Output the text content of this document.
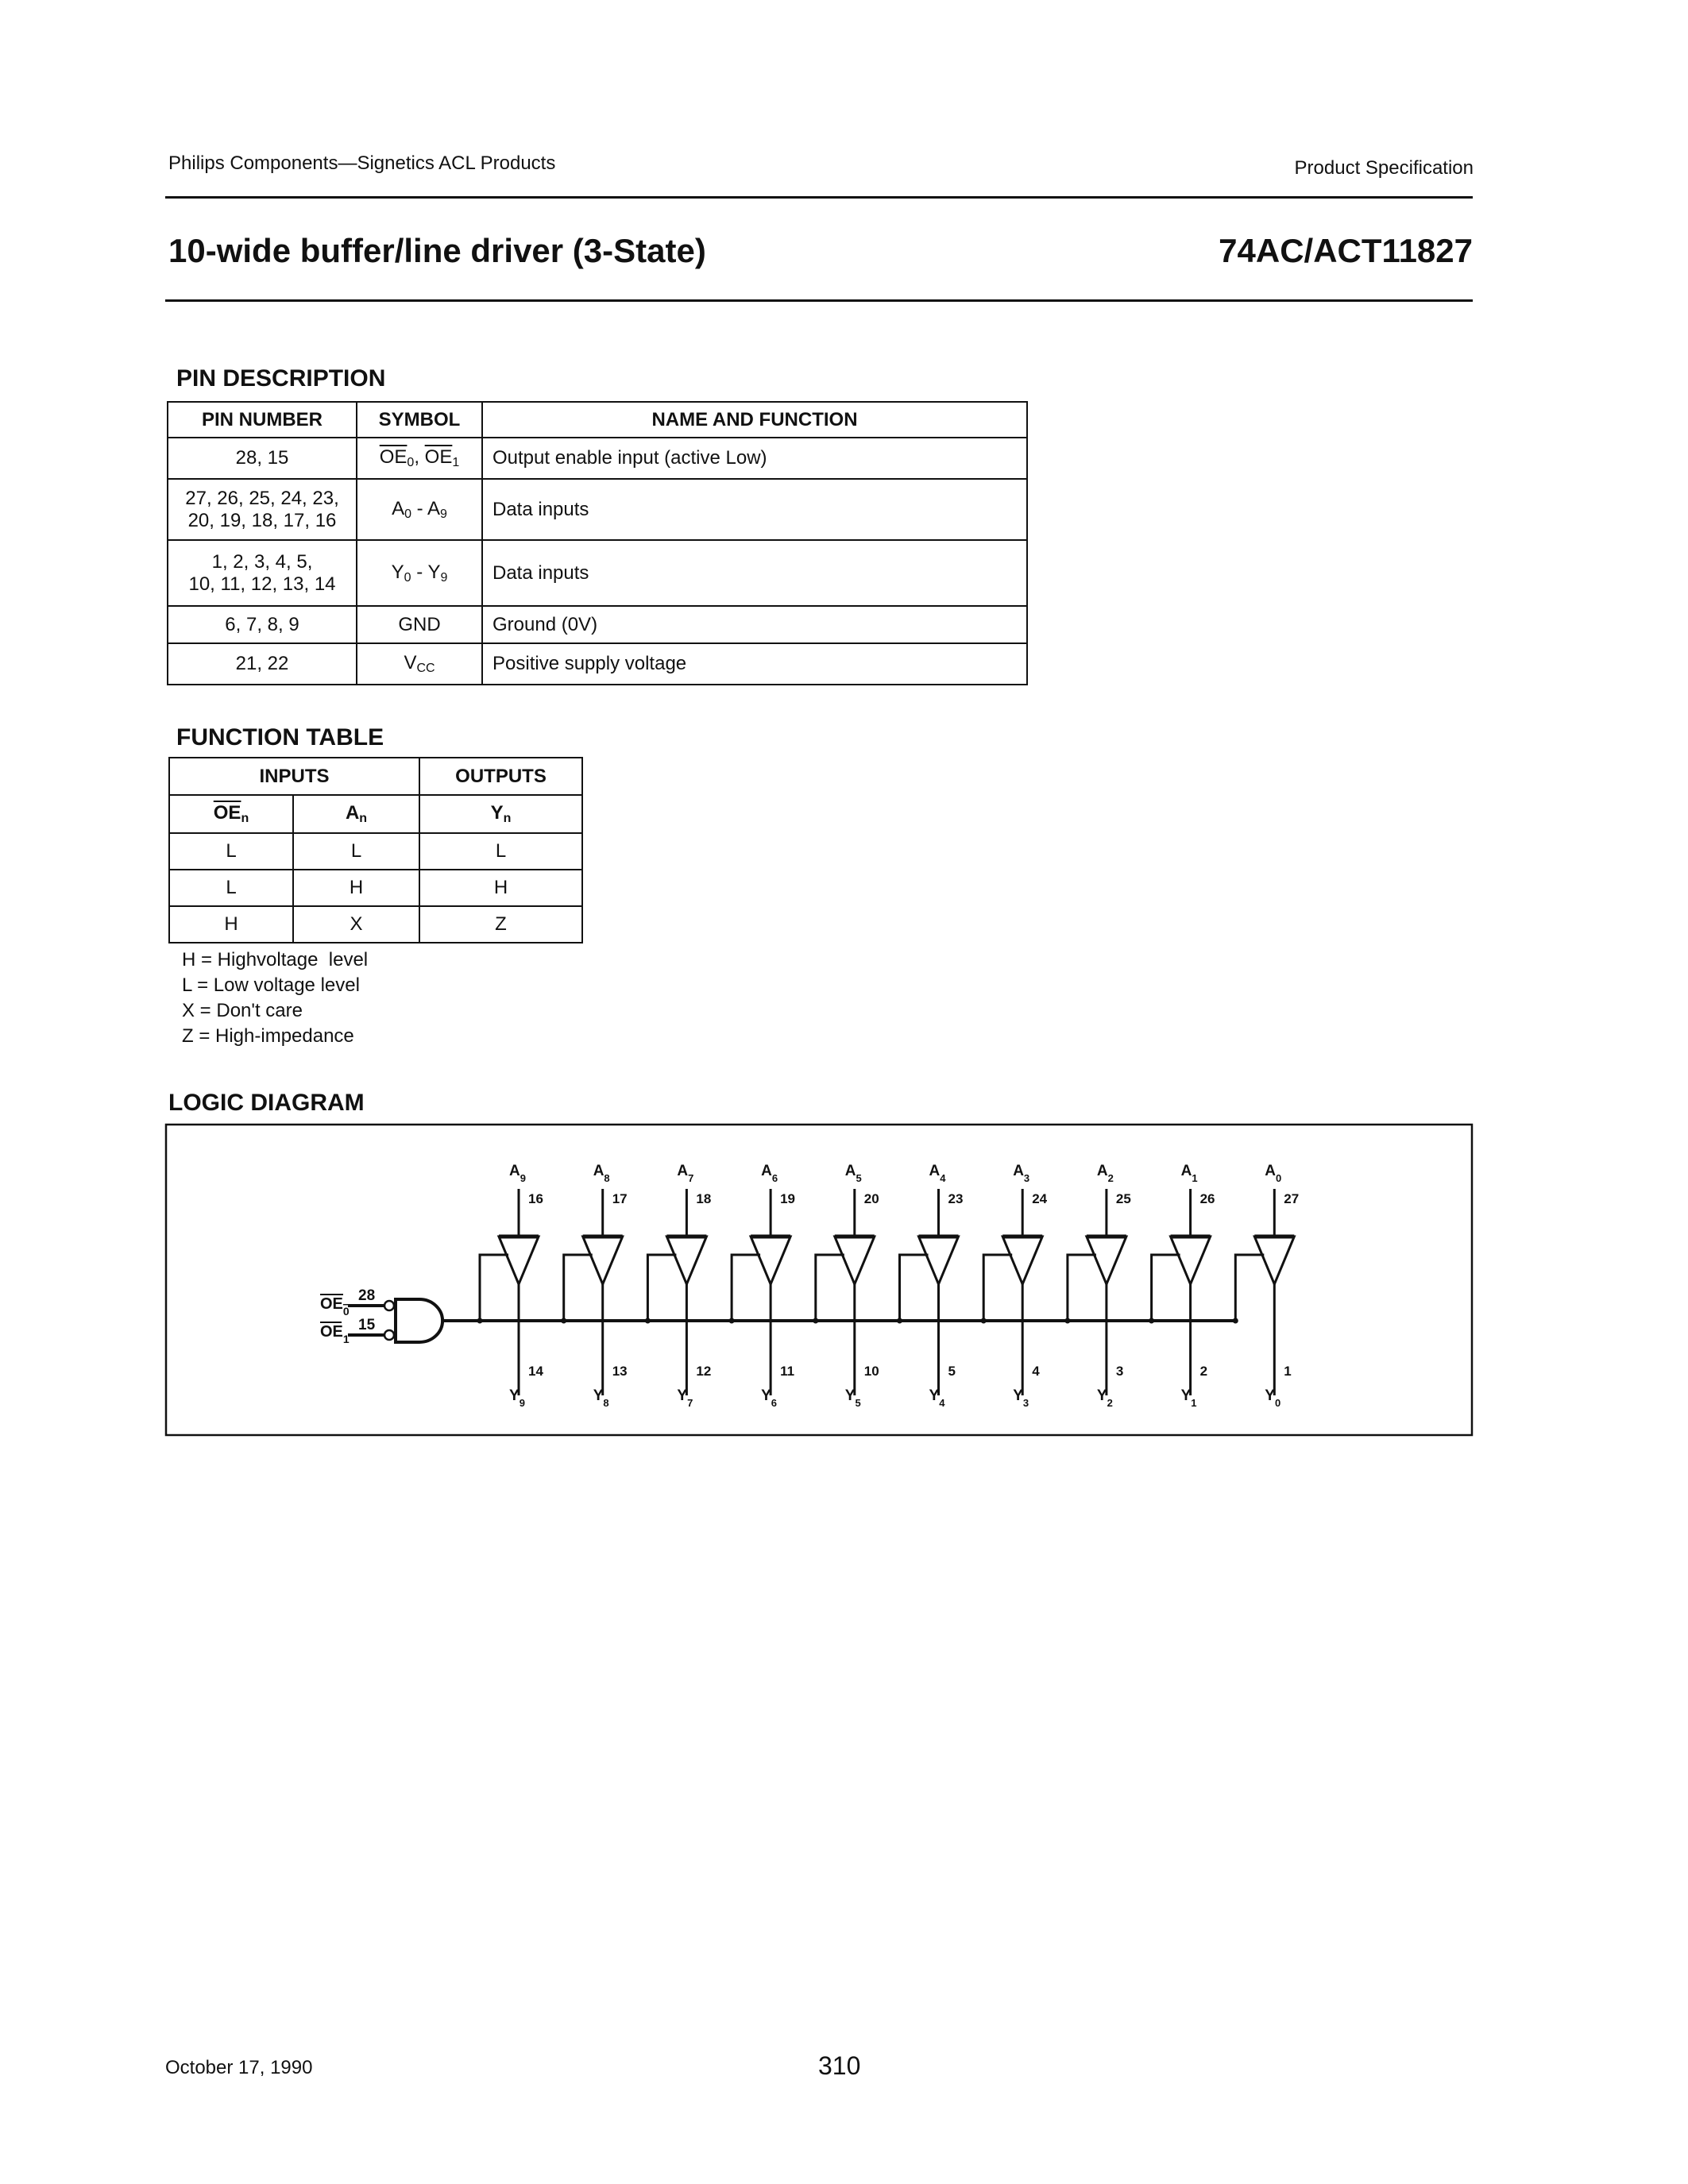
Philips Components—Signetics ACL Products	Product Specification
10-wide buffer/line driver (3-State)	74AC/ACT11827
PIN DESCRIPTION
PIN NUMBER	SYMBOL	NAME AND FUNCTION
28, 15	$\overline{OE}_0$, $\overline{OE}_1$	Output enable input (active Low)

27, 26, 25, 24, 23,
20, 19, 18, 17, 16	$A_0 - A_9$	Data inputs

1, 2, 3, 4, 5,
10, 11, 12, 13, 14	$Y_0 - Y_9$	Data inputs
6, 7, 8, 9	GND	Ground (0V)
21, 22	$V_{CC}$	Positive supply voltage
FUNCTION TABLE
INPUTS		OUTPUTS
$\overline{OE}_n$	$A_n$	$Y_n$
L	L	L
L	H	H
H	X	Z
H = Highvoltage  level
L = Low voltage level
X = Don't care
Z = High-impedance
LOGIC DIAGRAM
$OE_0$
$OE_1$
28
15
$A_9$
16
14
$Y_9$
$A_8$
17
13
$Y_8$
$A_7$
18
12
$Y_7$
$A_6$
19
11
$Y_6$
$A_5$
20
10
$Y_5$
$A_4$
23
5
$Y_4$
$A_3$
24
4
$Y_3$
$A_2$
25
3
$Y_2$
$A_1$
26
2
$Y_1$
$A_0$
27
1
$Y_0$
October 17, 1990	310
